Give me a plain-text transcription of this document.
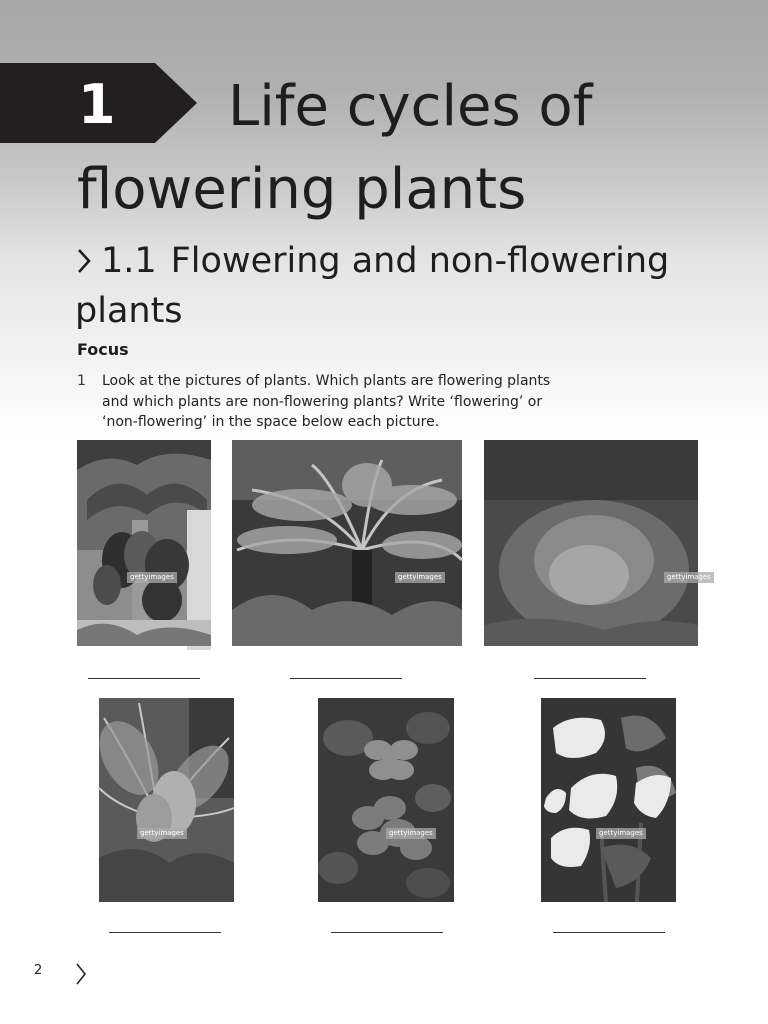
1 Life cycles of
flowering plants
1.1 Flowering and non-flowering
plants
Focus
1 Look at the pictures of plants. Which plants are flowering plants and which plants are non-flowering plants? Write ‘flowering’ or ‘non-flowering’ in the space below each picture.
gettyimages	gettyimages	gettyimages
gettyimages	gettyimages	gettyimages
2
